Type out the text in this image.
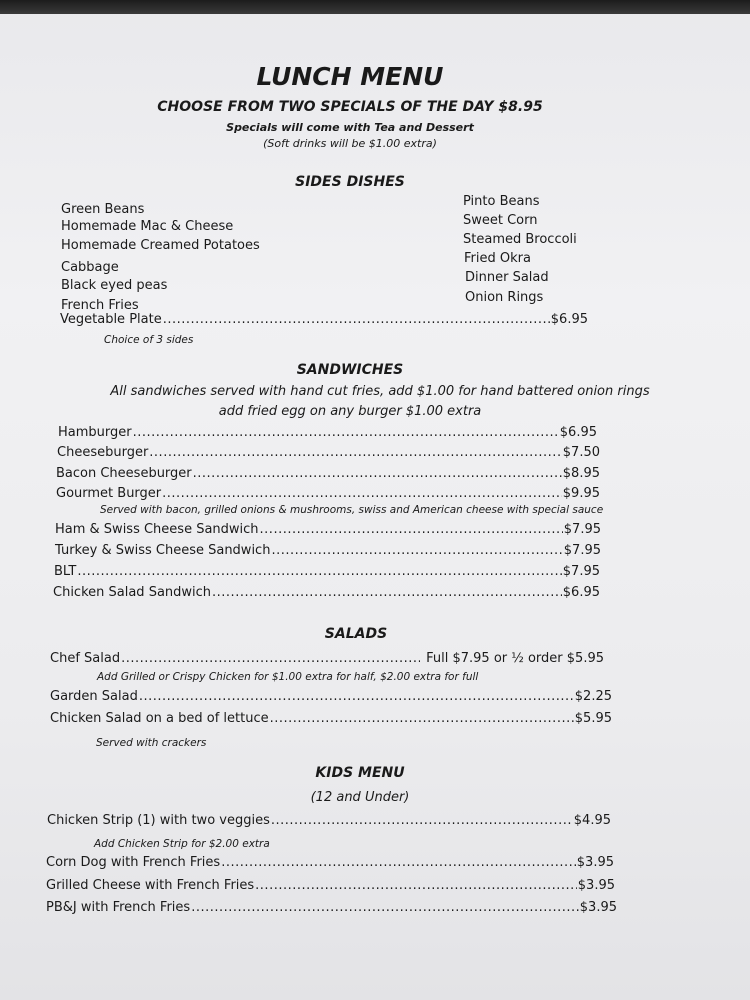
LUNCH MENU
CHOOSE FROM TWO SPECIALS OF THE DAY $8.95
Specials will come with Tea and Dessert
(Soft drinks will be $1.00 extra)
SIDES DISHES
Green Beans
Homemade Mac & Cheese
Homemade Creamed Potatoes
Cabbage
Black eyed peas
French Fries
Pinto Beans
Sweet Corn
Steamed Broccoli
Fried Okra
Dinner Salad
Onion Rings
Vegetable Plate .....	$6.95
Choice of 3 sides
SANDWICHES
All sandwiches served with hand cut fries, add $1.00 for hand battered onion rings
add fried egg on any burger $1.00 extra
Hamburger .....	$6.95
Cheeseburger .....	$7.50
Bacon Cheeseburger .....	$8.95
Gourmet Burger .....	$9.95
Served with bacon, grilled onions & mushrooms, swiss and American cheese with special sauce
Ham & Swiss Cheese Sandwich .....	$7.95
Turkey & Swiss Cheese Sandwich .....	$7.95
BLT .....	$7.95
Chicken Salad Sandwich .....	$6.95
SALADS
Chef Salad .....	Full $7.95 or ½ order $5.95
Add Grilled or Crispy Chicken for $1.00 extra for half, $2.00 extra for full
Garden Salad .....	$2.25
Chicken Salad on a bed of lettuce .....	$5.95
Served with crackers
KIDS MENU
(12 and Under)
Chicken Strip (1) with two veggies .....	$4.95
Add Chicken Strip for $2.00 extra
Corn Dog with French Fries .....	$3.95
Grilled Cheese with French Fries .....	$3.95
PB&J with French Fries .....	$3.95
